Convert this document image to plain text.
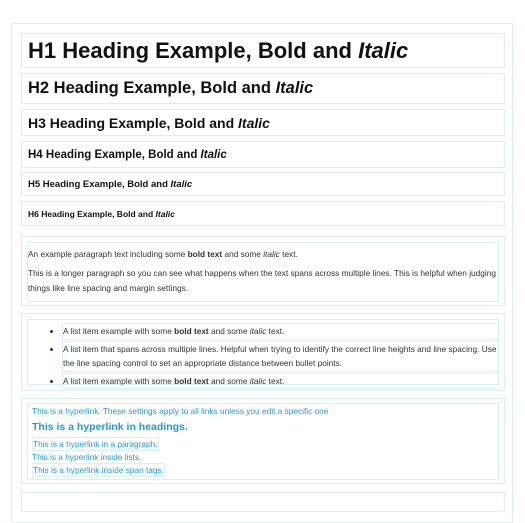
H1 Heading Example, Bold and Italic
H2 Heading Example, Bold and Italic
H3 Heading Example, Bold and Italic
H4 Heading Example, Bold and Italic
H5 Heading Example, Bold and Italic
H6 Heading Example, Bold and Italic

An example paragraph text including some bold text and some italic text.

This is a longer paragraph so you can see what happens when the text spans across multiple lines. This is helpful when judging things like line spacing and margin settings.

• A list item example with some bold text and some italic text.
• A list item that spans across multiple lines. Helpful when trying to identify the correct line heights and line spacing. Use the line spacing control to set an appropriate distance between bullet points.
• A list item example with some bold text and some italic text.
This is a hyperlink. These settings apply to all links unless you edit a specific one
This is a hyperlink in headings.
This is a hyperlink in a paragraph.
This is a hyperlink inside lists.
This is a hyperlink inside span tags.
